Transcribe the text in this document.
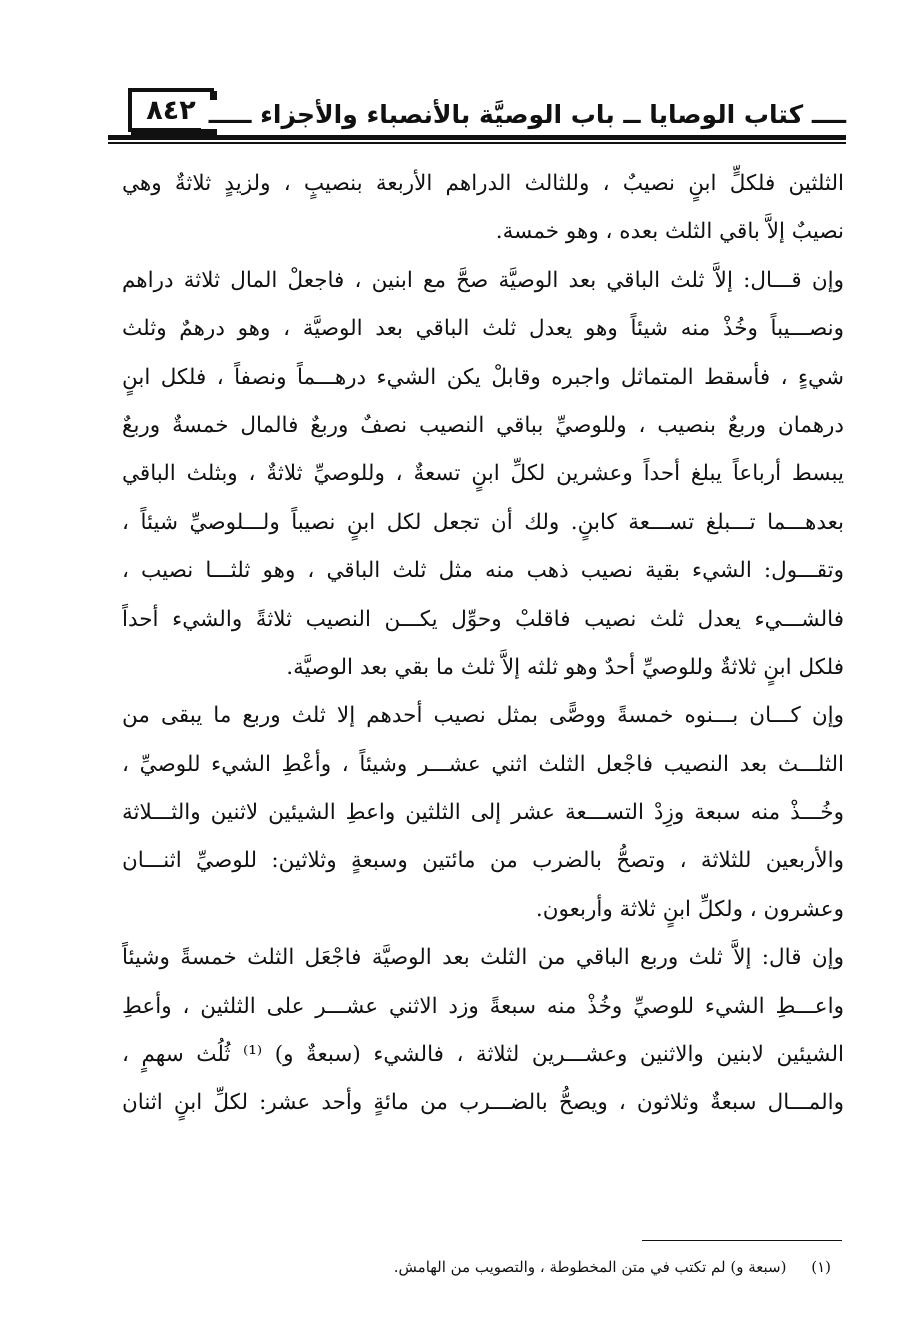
٨٤٢ ــــ كتاب الوصايا ــ باب الوصيَّة بالأنصباء والأجزاء ـــــ
الثلثين فلكلٍّ ابنٍ نصيبٌ ، وللثالث الدراهم الأربعة بنصيبٍ ، ولزيدٍ ثلاثةٌ وهي
نصيبٌ إلاَّ باقي الثلث بعده ، وهو خمسة.
وإن قـــال: إلاَّ ثلث الباقي بعد الوصيَّة صحَّ مع ابنين ، فاجعلْ المال ثلاثة دراهم
ونصـــيباً وخُذْ منه شيئاً وهو يعدل ثلث الباقي بعد الوصيَّة ، وهو درهمٌ وثلث
شيءٍ ، فأسقط المتماثل واجبره وقابلْ يكن الشيء درهـــماً ونصفاً ، فلكل ابنٍ
درهمان وربعٌ بنصيب ، وللوصيِّ بباقي النصيب نصفٌ وربعٌ فالمال خمسةٌ وربعٌ
يبسط أرباعاً يبلغ أحداً وعشرين لكلِّ ابنٍ تسعةٌ ، وللوصيِّ ثلاثةٌ ، وبثلث الباقي
بعدهـــما تـــبلغ تســـعة كابنٍ. ولك أن تجعل لكل ابنٍ نصيباً ولـــلوصيِّ شيئاً ،
وتقـــول: الشيء بقية نصيب ذهب منه مثل ثلث الباقي ، وهو ثلثـــا نصيب ،
فالشـــيء يعدل ثلث نصيب فاقلبْ وحوِّل يكـــن النصيب ثلاثةً والشيء أحداً
فلكل ابنٍ ثلاثةٌ وللوصيِّ أحدٌ وهو ثلثه إلاَّ ثلث ما بقي بعد الوصيَّة.
وإن كـــان بـــنوه خمسةً ووصًّى بمثل نصيب أحدهم إلا ثلث وربع ما يبقى من
الثلـــث بعد النصيب فاجْعل الثلث اثني عشـــر وشيئاً ، وأعْطِ الشيء للوصيِّ ،
وخُـــذْ منه سبعة وزِدْ التســـعة عشر إلى الثلثين واعطِ الشيئين لاثنين والثـــلاثة
والأربعين للثلاثة ، وتصحُّ بالضرب من مائتين وسبعةٍ وثلاثين: للوصيِّ اثنـــان
وعشرون ، ولكلِّ ابنٍ ثلاثة وأربعون.
وإن قال: إلاَّ ثلث وربع الباقي من الثلث بعد الوصيَّة فاجْعَل الثلث خمسةً وشيئاً
واعـــطِ الشيء للوصيِّ وخُذْ منه سبعةً وزد الاثني عشـــر على الثلثين ، وأعطِ
الشيئين لابنين والاثنين وعشـــرين لثلاثة ، فالشيء (سبعةٌ و) ⁽¹⁾ ثُلُث سهمٍ ،
والمـــال سبعةٌ وثلاثون ، ويصحُّ بالضـــرب من مائةٍ وأحد عشر: لكلِّ ابنٍ اثنان
(١) (سبعة و) لم تكتب في متن المخطوطة ، والتصويب من الهامش.
